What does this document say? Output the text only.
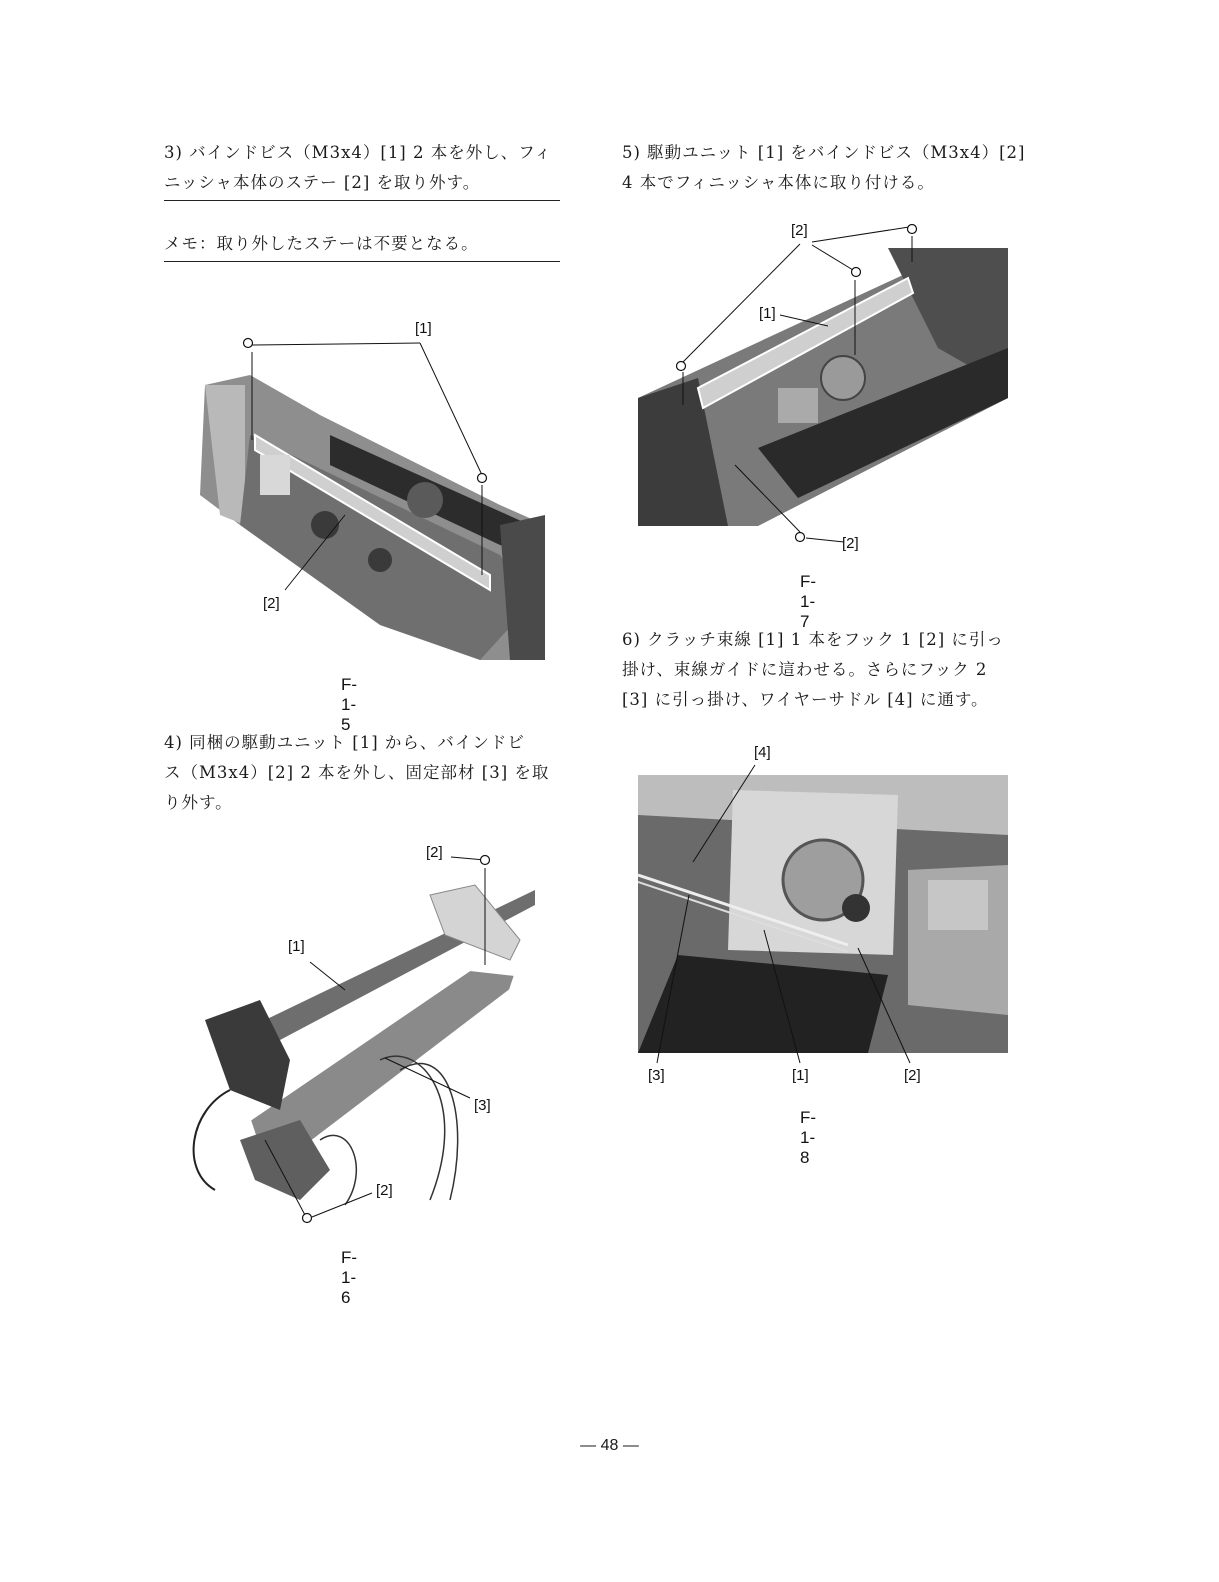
3) バインドビス（M3x4）[1] 2 本を外し、フィ
ニッシャ本体のステー [2] を取り外す。
メモ：取り外したステーは不要となる。
[1]
[2]
F-1-5
4) 同梱の駆動ユニット [1] から、バインドビ
ス（M3x4）[2] 2 本を外し、固定部材 [3] を取
り外す。
[2]
[1]
[3]
[2]
F-1-6
5) 駆動ユニット [1] をバインドビス（M3x4）[2]
4 本でフィニッシャ本体に取り付ける。
[2]
[1]
[2]
F-1-7
6) クラッチ束線 [1] 1 本をフック 1 [2] に引っ
掛け、束線ガイドに這わせる。さらにフック 2
[3] に引っ掛け、ワイヤーサドル [4] に通す。
[4]
[3]	[1]	[2]
F-1-8
— 48 —
